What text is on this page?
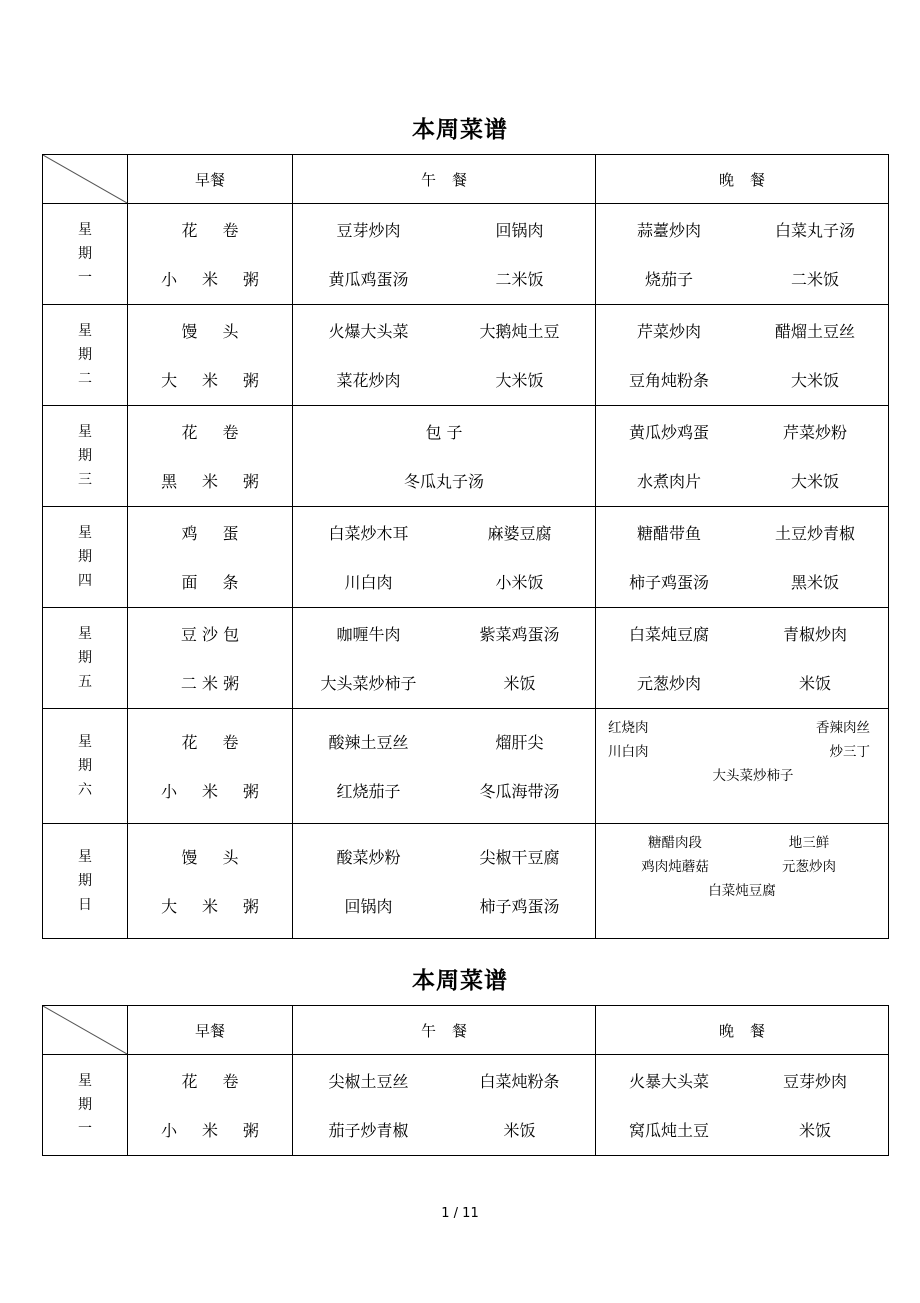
本周菜谱
	早餐	午 餐	晚 餐

星
期
一

花 卷
小 米 粥

豆芽炒肉	回锅肉
黄瓜鸡蛋汤	二米饭

蒜薹炒肉	白菜丸子汤
烧茄子	二米饭

星
期
二

馒 头
大 米 粥

火爆大头菜	大鹅炖土豆
菜花炒肉	大米饭

芹菜炒肉	醋熘土豆丝
豆角炖粉条	大米饭

星
期
三

花 卷
黑 米 粥

包 子
冬瓜丸子汤

黄瓜炒鸡蛋	芹菜炒粉
水煮肉片	大米饭

星
期
四

鸡 蛋
面 条

白菜炒木耳	麻婆豆腐
川白肉	小米饭

糖醋带鱼	土豆炒青椒
柿子鸡蛋汤	黑米饭

星
期
五

豆 沙 包
二 米 粥

咖喱牛肉	紫菜鸡蛋汤
大头菜炒柿子	米饭

白菜炖豆腐	青椒炒肉
元葱炒肉	米饭

星
期
六

花 卷
小 米 粥

酸辣土豆丝	熘肝尖
红烧茄子	冬瓜海带汤

红烧肉	香辣肉丝
川白肉	炒三丁
大头菜炒柿子

星
期
日

馒 头
大 米 粥

酸菜炒粉	尖椒干豆腐
回锅肉	柿子鸡蛋汤

糖醋肉段	地三鲜
鸡肉炖蘑菇	元葱炒肉
白菜炖豆腐
本周菜谱
	早餐	午 餐	晚 餐

星
期
一

花 卷
小 米 粥

尖椒土豆丝	白菜炖粉条
茄子炒青椒	米饭

火暴大头菜	豆芽炒肉
窝瓜炖土豆	米饭
1 / 11
